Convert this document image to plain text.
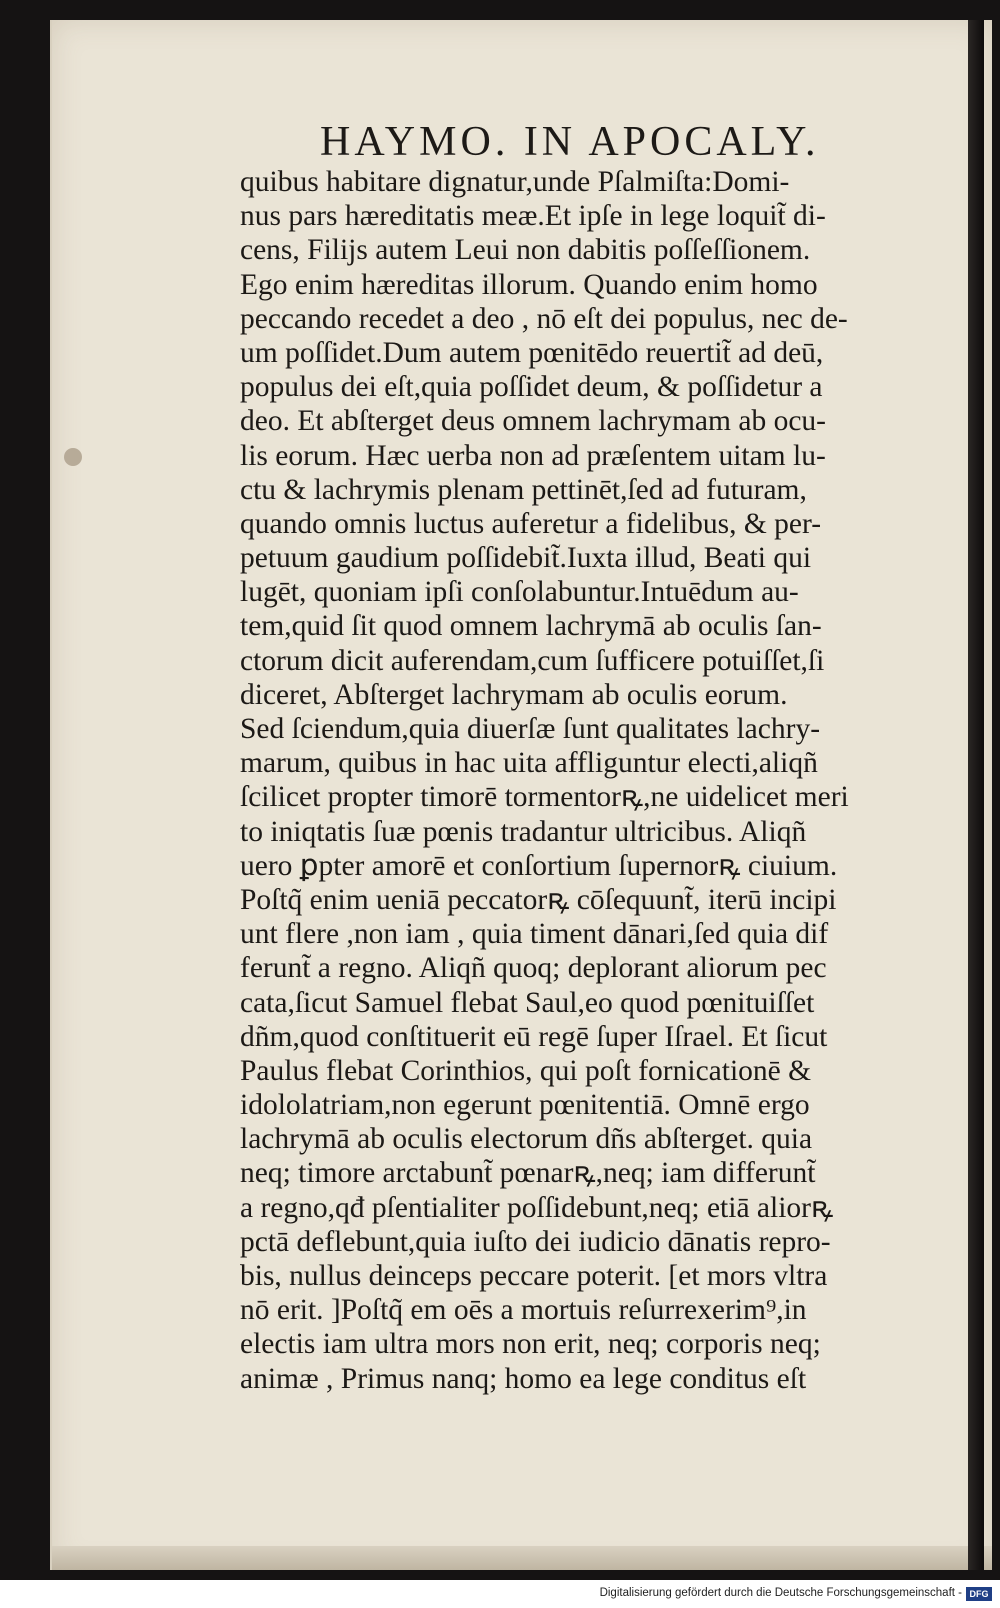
HAYMO. IN APOCALY.
quibus habitare dignatur,unde Pſalmiſta:Domi-
nus pars hæreditatis meæ.Et ipſe in lege loquit̃ di-
cens, Filijs autem Leui non dabitis poſſeſſionem.
Ego enim hæreditas illorum. Quando enim homo
peccando recedet a deo , nō eſt dei populus, nec de-
um poſſidet.Dum autem pœnitēdo reuertit̃ ad deū,
populus dei eſt,quia poſſidet deum, & poſſidetur a
deo. Et abſterget deus omnem lachrymam ab ocu-
lis eorum. Hæc uerba non ad præſentem uitam lu-
ctu & lachrymis plenam pettinēt,ſed ad futuram,
quando omnis luctus auferetur a fidelibus, & per-
petuum gaudium poſſidebit̃.Iuxta illud, Beati qui
lugēt, quoniam ipſi conſolabuntur.Intuēdum au-
tem,quid ſit quod omnem lachrymā ab oculis ſan-
ctorum dicit auferendam,cum ſufficere potuiſſet,ſi
diceret, Abſterget lachrymam ab oculis eorum.
Sed ſciendum,quia diuerſæ ſunt qualitates lachry-
marum, quibus in hac uita affliguntur electi,aliqñ
ſcilicet propter timorē tormentorꝶ,ne uidelicet meri
to iniqtatis ſuæ pœnis tradantur ultricibus. Aliqñ
uero ꝑpter amorē et conſortium ſupernorꝶ ciuium.
Poſtq̃ enim ueniā peccatorꝶ cōſequunt̃, iterū incipi
unt flere ,non iam , quia timent dānari,ſed quia dif
ferunt̃ a regno. Aliqñ quoq; deplorant aliorum pec
cata,ſicut Samuel flebat Saul,eo quod pœnituiſſet
dñm,quod conſtituerit eū regē ſuper Iſrael. Et ſicut
Paulus flebat Corinthios, qui poſt fornicationē &
idololatriam,non egerunt pœnitentiā. Omnē ergo
lachrymā ab oculis electorum dñs abſterget. quia
neq; timore arctabunt̃ pœnarꝶ,neq; iam differunt̃
a regno,qđ pſentialiter poſſidebunt,neq; etiā aliorꝶ
pctā deflebunt,quia iuſto dei iudicio dānatis repro-
bis, nullus deinceps peccare poterit. [et mors vltra
nō erit. ]Poſtq̃ em oēs a mortuis reſurrexerim⁹,in
electis iam ultra mors non erit, neq; corporis neq;
animæ , Primus nanq; homo ea lege conditus eſt
Digitalisierung gefördert durch die Deutsche Forschungsgemeinschaft - DFG
